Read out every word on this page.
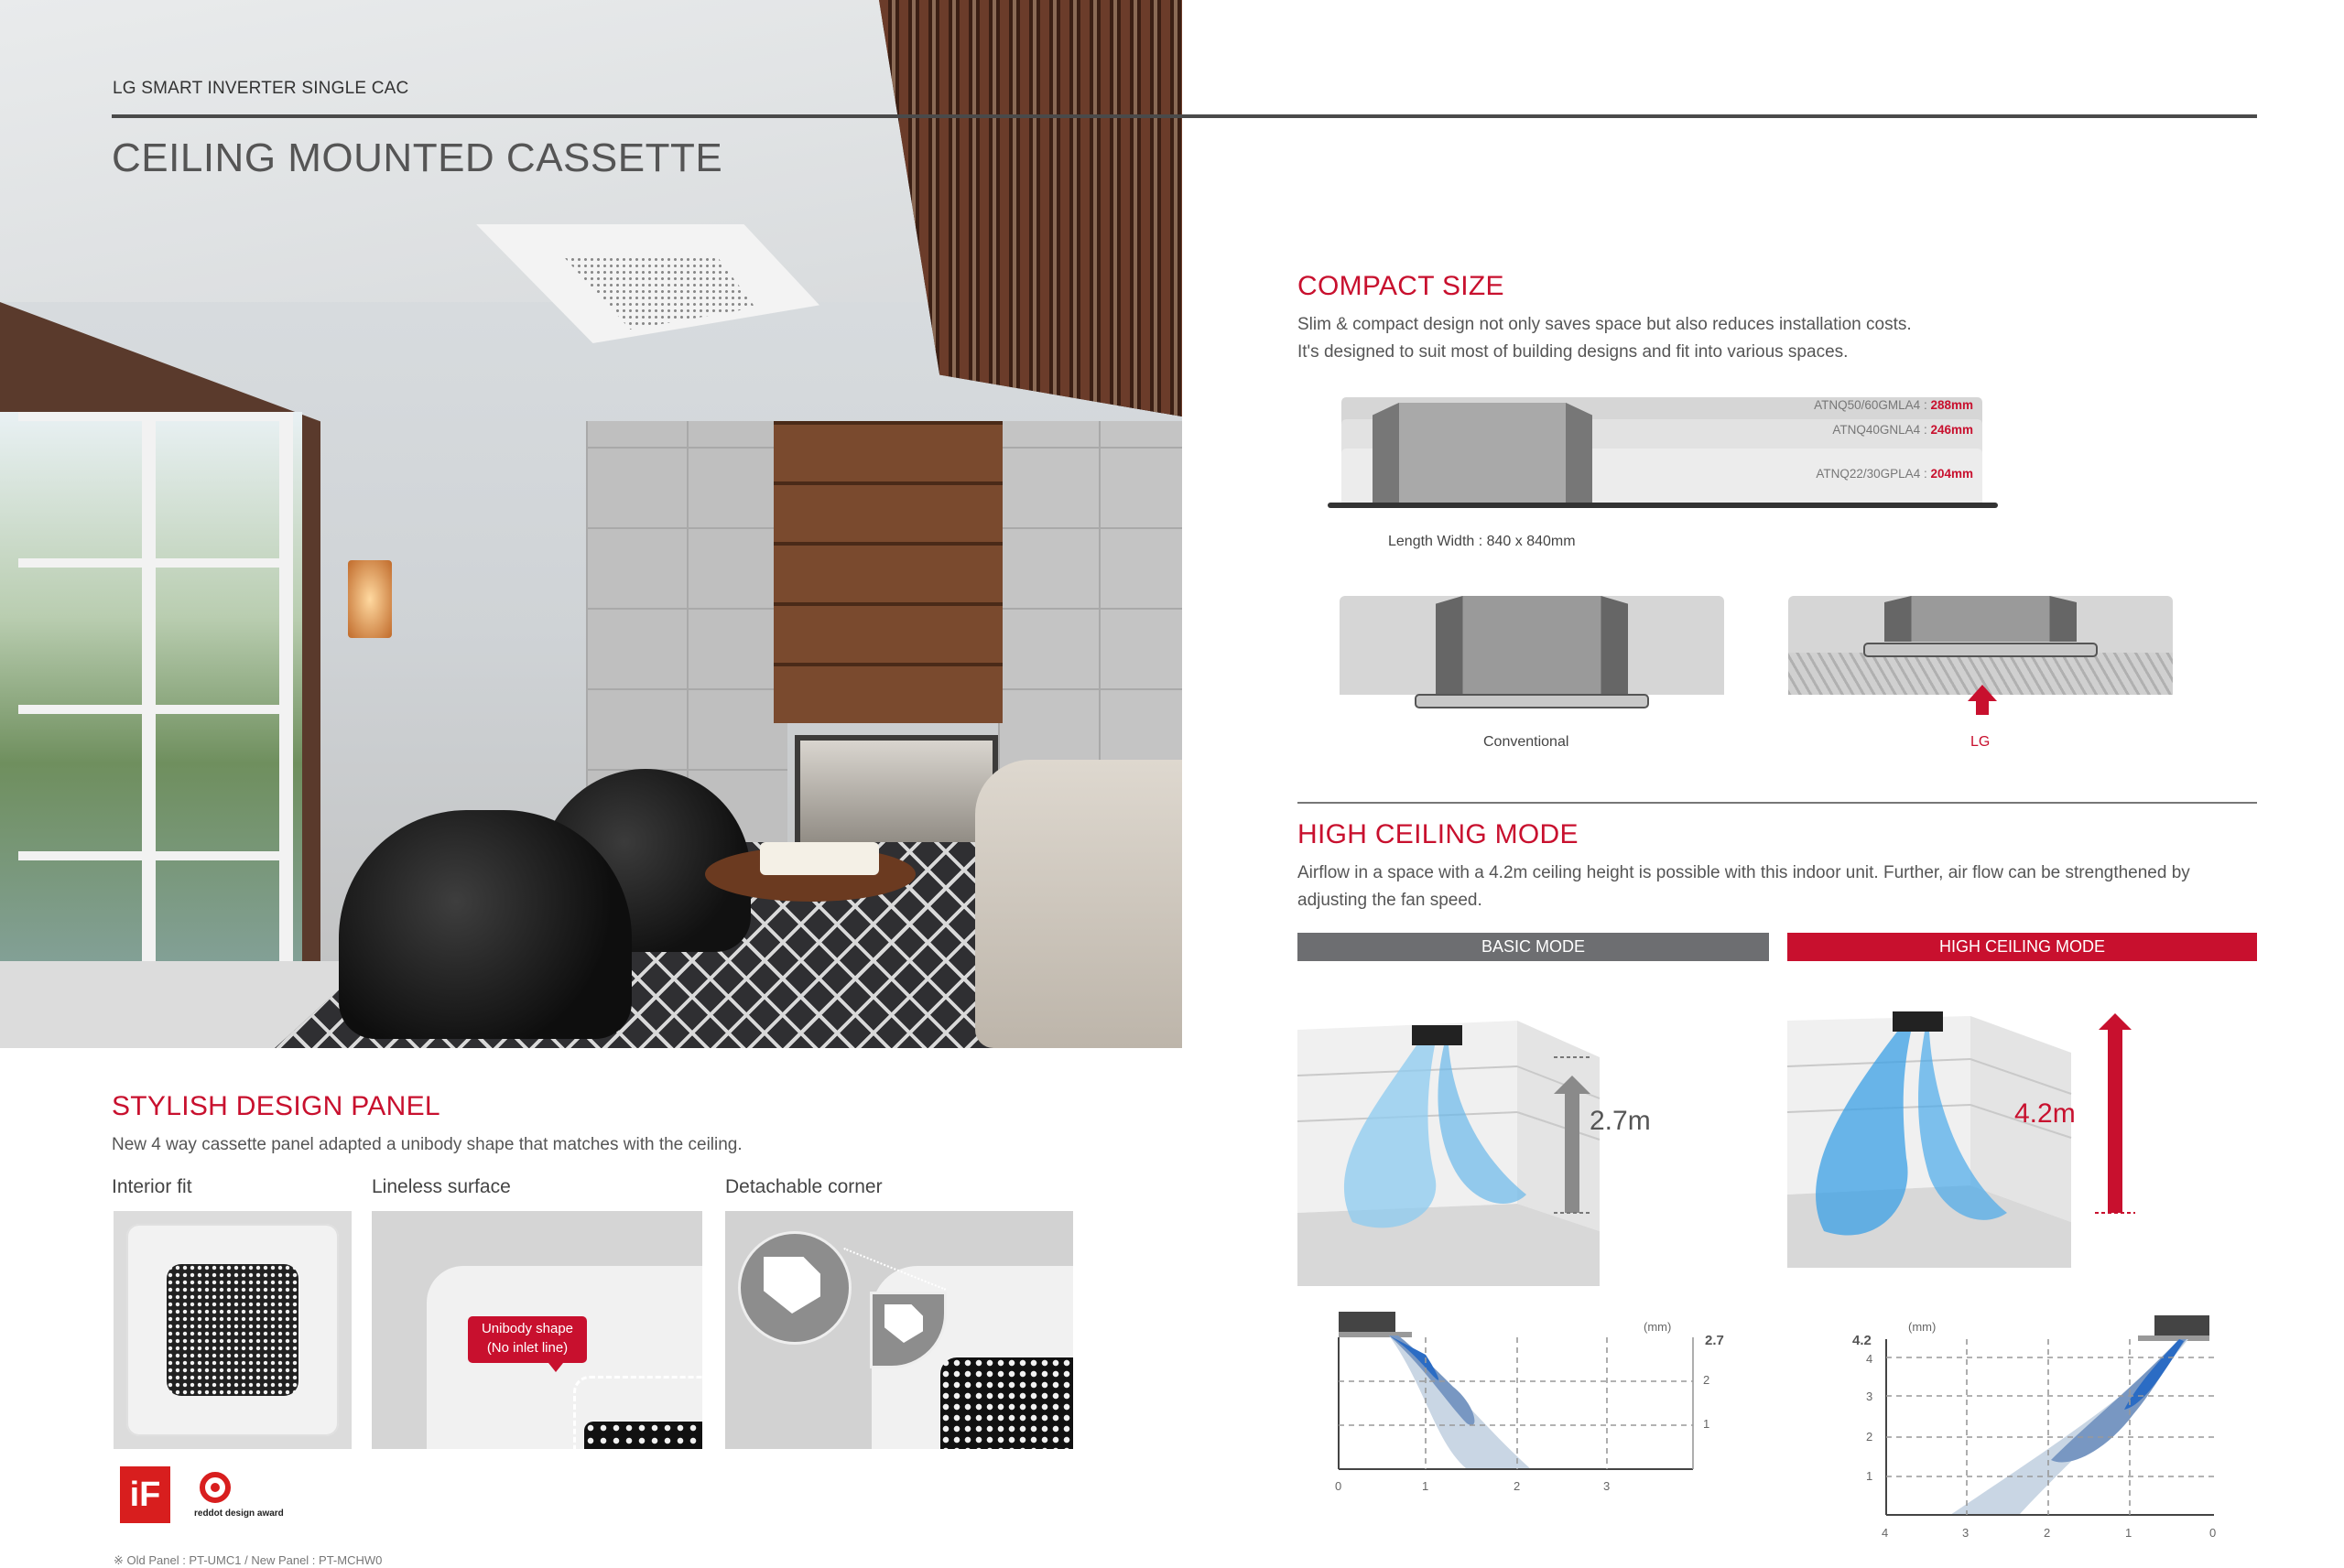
LG SMART INVERTER SINGLE CAC
CEILING MOUNTED CASSETTE
COMPACT SIZE
Slim & compact design not only saves space but also reduces installation costs.
It's designed to suit most of building designs and fit into various spaces.
ATNQ50/60GMLA4 : 288mm
ATNQ40GNLA4 : 246mm
ATNQ22/30GPLA4 : 204mm
Length Width : 840 x 840mm
Conventional	LG
HIGH CEILING MODE
Airflow in a space with a 4.2m ceiling height is possible with this indoor unit. Further, air flow can be strengthened by
adjusting the fan speed.
BASIC MODE	HIGH CEILING MODE
2.7m	4.2m
(mm)
2.7
2
1
0	1	2	3
(mm)
4.2
4
3
2
1
4	3	2	1	0
STYLISH DESIGN PANEL
New 4 way cassette panel adapted a unibody shape that matches with the ceiling.
Interior fit	Lineless surface	Detachable corner
Unibody shape
(No inlet line)
iF	reddot design award
※ Old Panel : PT-UMC1 / New Panel : PT-MCHW0
